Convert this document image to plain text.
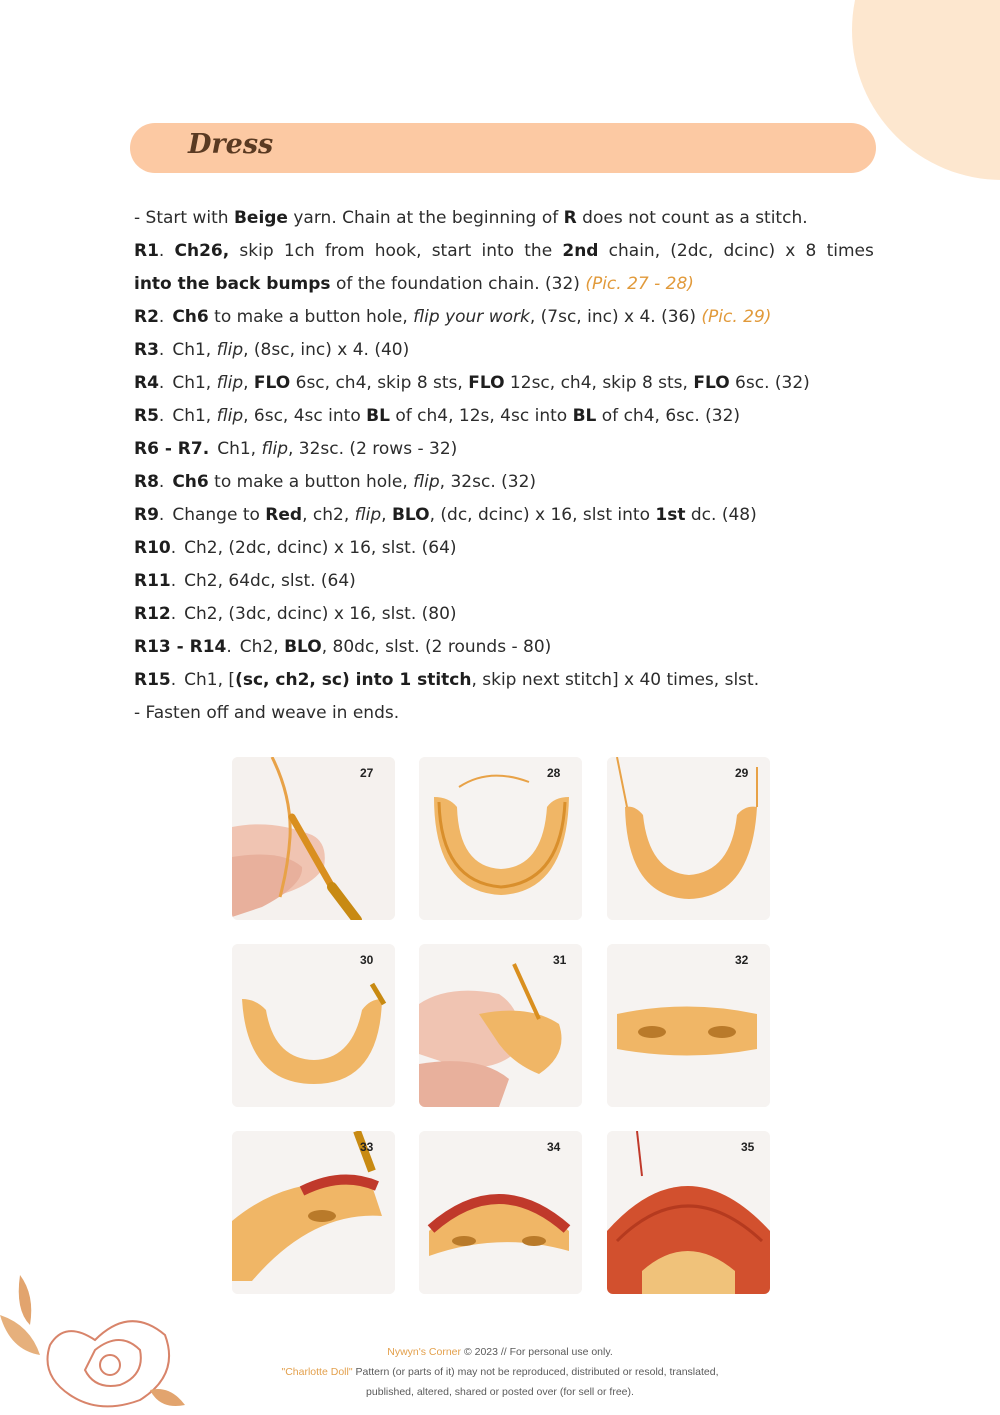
Dress
- Start with Beige yarn. Chain at the beginning of R does not count as a stitch.
R1. Ch26, skip 1ch from hook, start into the 2nd chain, (2dc, dcinc) x 8 times
into the back bumps of the foundation chain. (32) (Pic. 27 - 28)
R2. Ch6 to make a button hole, flip your work, (7sc, inc) x 4. (36) (Pic. 29)
R3. Ch1, flip, (8sc, inc) x 4. (40)
R4. Ch1, flip, FLO 6sc, ch4, skip 8 sts, FLO 12sc, ch4, skip 8 sts, FLO 6sc. (32)
R5. Ch1, flip, 6sc, 4sc into BL of ch4, 12s, 4sc into BL of ch4, 6sc. (32)
R6 - R7. Ch1, flip, 32sc. (2 rows - 32)
R8. Ch6 to make a button hole, flip, 32sc. (32)
R9. Change to Red, ch2, flip, BLO, (dc, dcinc) x 16, slst into 1st dc. (48)
R10. Ch2, (2dc, dcinc) x 16, slst. (64)
R11. Ch2, 64dc, slst. (64)
R12. Ch2, (3dc, dcinc) x 16, slst. (80)
R13 - R14. Ch2, BLO, 80dc, slst. (2 rounds - 80)
R15. Ch1, [(sc, ch2, sc) into 1 stitch, skip next stitch] x 40 times, slst.
- Fasten off and weave in ends.
27	28	29
30	31	32
33	34	35
Nywyn's Corner © 2023 // For personal use only.
"Charlotte Doll" Pattern (or parts of it) may not be reproduced, distributed or resold, translated,
published, altered, shared or posted over (for sell or free).
